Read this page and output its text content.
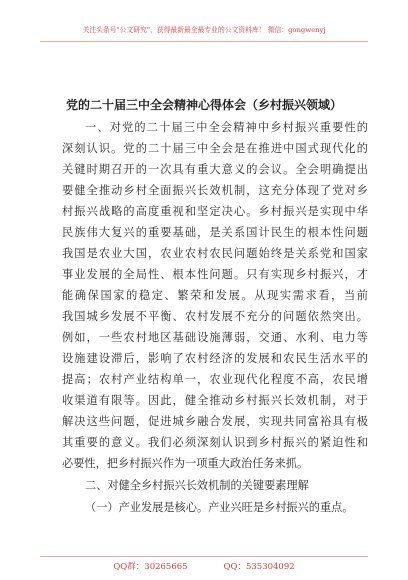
关注头条号"公文研究"，获得最新最全最专业的公文资料库！ 微信：gongwenyj
党的二十届三中全会精神心得体会（乡村振兴领域）
一、对党的二十届三中全会精神中乡村振兴重要性的
深刻认识。党的二十届三中全会是在推进中国式现代化的
关键时期召开的一次具有重大意义的会议。全会明确提出
要健全推动乡村全面振兴长效机制，这充分体现了党对乡
村振兴战略的高度重视和坚定决心。乡村振兴是实现中华
民族伟大复兴的重要基础，是关系国计民生的根本性问题
我国是农业大国，农业农村农民问题始终是关系党和国家
事业发展的全局性、根本性问题。只有实现乡村振兴，才
能确保国家的稳定、繁荣和发展。从现实需求看，当前
我国城乡发展不平衡、农村发展不充分的问题依然突出。
例如，一些农村地区基础设施薄弱，交通、水利、电力等
设施建设滞后，影响了农村经济的发展和农民生活水平的
提高；农村产业结构单一，农业现代化程度不高，农民增
收渠道有限等。因此，健全推动乡村振兴长效机制，对于
解决这些问题，促进城乡融合发展，实现共同富裕具有极
其重要的意义。我们必须深刻认识到乡村振兴的紧迫性和
必要性，把乡村振兴作为一项重大政治任务来抓。
二、对健全乡村振兴长效机制的关键要素理解
（一）产业发展是核心。产业兴旺是乡村振兴的重点。
QQ群：30265665	QQ：535304092
